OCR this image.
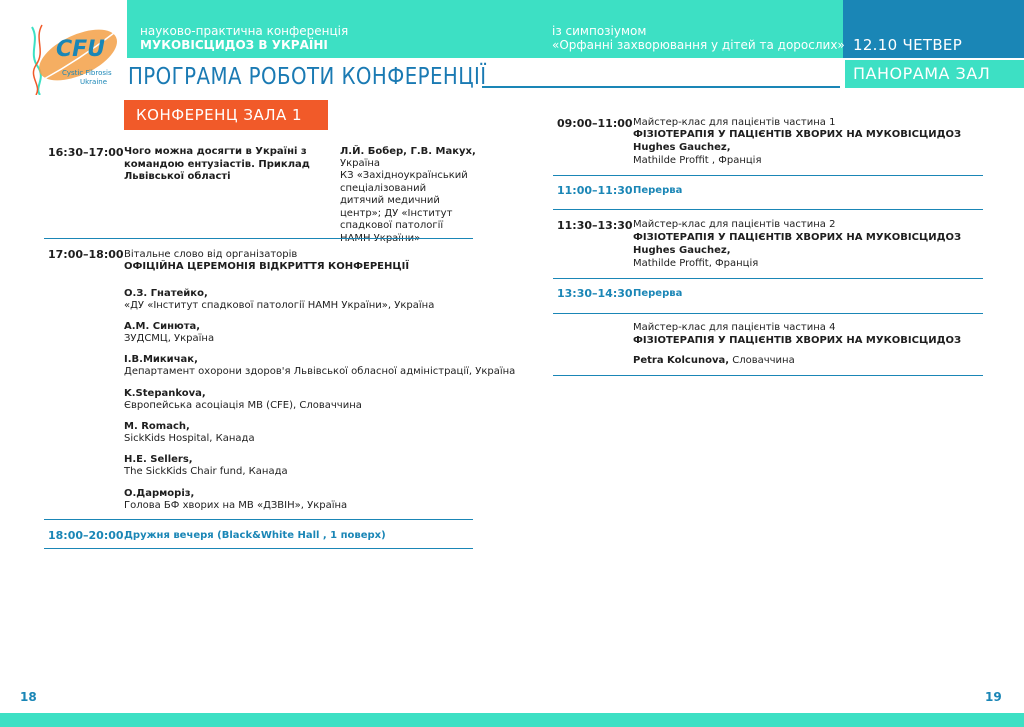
науково-практична конференція
МУКОВІСЦИДОЗ В УКРАЇНІ
із симпозіумом
«Орфанні захворювання у дітей та дорослих» 12.10 ЧЕТВЕР
ПАНОРАМА ЗАЛ
CFU
Cystic Fibrosis
Ukraine ПРОГРАМА РОБОТИ КОНФЕРЕНЦІЇ
КОНФЕРЕНЦ ЗАЛА 1
16:30–17:00 Чого можна досягти в Україні з командою ентузіастів. Приклад Львівської області
Л.Й. Бобер, Г.В. Макух,
Україна
КЗ «Західноукраїнський спеціалізований дитячий медичний центр»; ДУ «Інститут спадкової патології НАМН України»
17:00–18:00 Вітальне слово від організаторів
ОФІЦІЙНА ЦЕРЕМОНІЯ ВІДКРИТТЯ КОНФЕРЕНЦІЇ
О.З. Гнатейко,
«ДУ «Інститут спадкової патології НАМН України», Україна
А.М. Синюта,
ЗУДСМЦ, Україна
І.В.Микичак,
Департамент охорони здоров'я Львівської обласної адміністрації, Україна
K.Stepankova,
Європейська асоціація МВ (CFE), Словаччина
M. Romach,
SickKids Hospital, Канада
H.E. Sellers,
The SickKids Chair fund, Канада
О.Дарморіз,
Голова БФ хворих на МВ «ДЗВІН», Україна
18:00–20:00 Дружня вечеря (Black&White Hall , 1 поверх)
09:00–11:00 Майстер-клас для пацієнтів частина 1
ФІЗІОТЕРАПІЯ У ПАЦІЄНТІВ ХВОРИХ НА МУКОВІСЦИДОЗ
Hughes Gauchez,
Mathilde Proffit , Франція
11:00–11:30 Перерва
11:30–13:30 Майстер-клас для пацієнтів частина 2
ФІЗІОТЕРАПІЯ У ПАЦІЄНТІВ ХВОРИХ НА МУКОВІСЦИДОЗ
Hughes Gauchez,
Mathilde Proffit, Франція
13:30–14:30 Перерва
Майстер-клас для пацієнтів частина 4
ФІЗІОТЕРАПІЯ У ПАЦІЄНТІВ ХВОРИХ НА МУКОВІСЦИДОЗ
Petra Kolcunova, Словаччина
18	19
